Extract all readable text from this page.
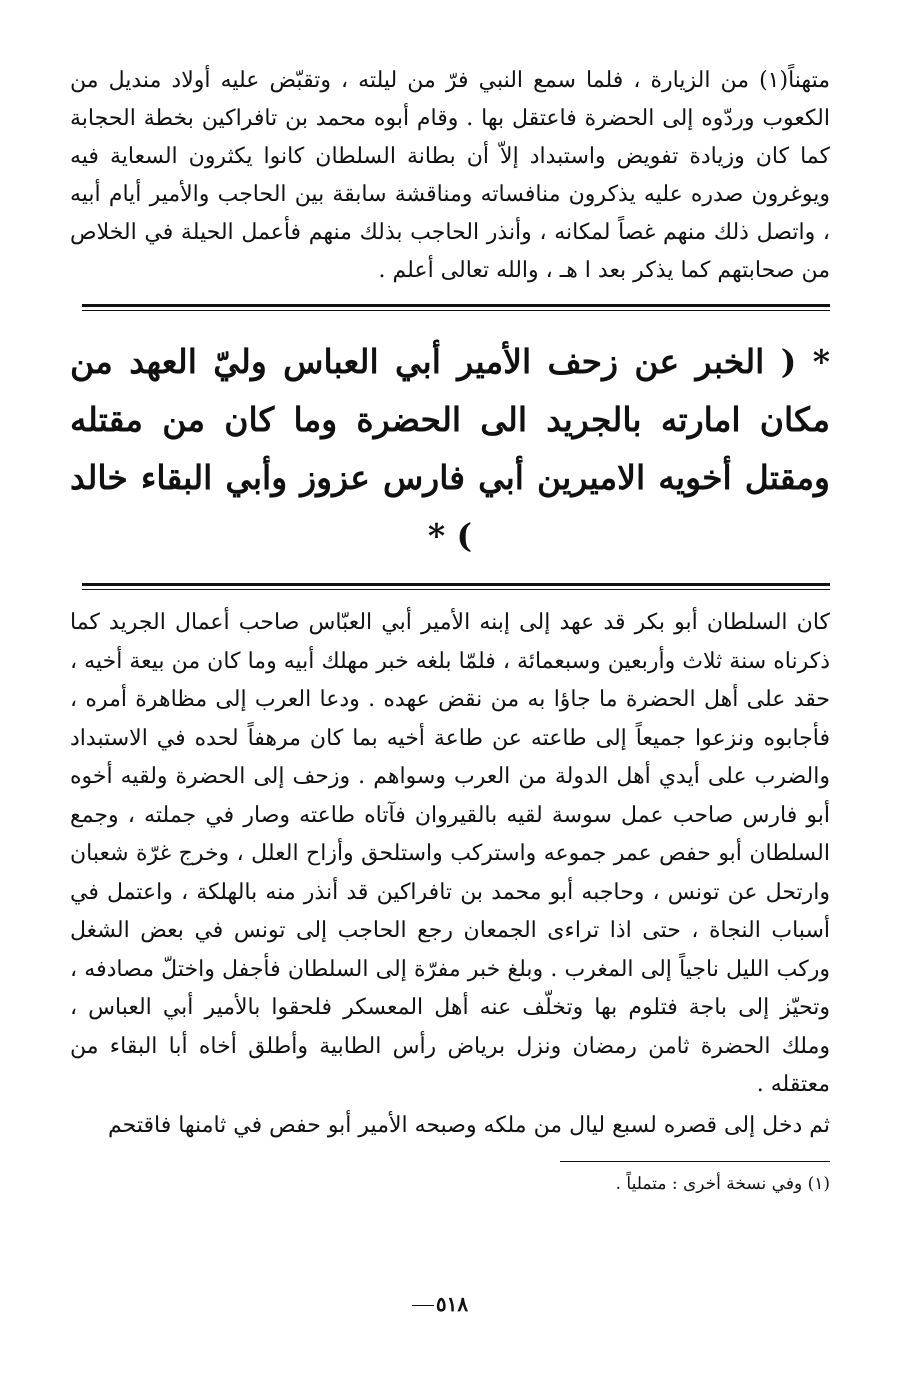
متهناً(١) من الزيارة ، فلما سمع النبي فرّ من ليلته ، وتقبّض عليه أولاد منديل من الكعوب وردّوه إلى الحضرة فاعتقل بها . وقام أبوه محمد بن تافراكين بخطة الحجابة كما كان وزيادة تفويض واستبداد إلاّ أن بطانة السلطان كانوا يكثرون السعاية فيه ويوغرون صدره عليه يذكرون منافساته ومناقشة سابقة بين الحاجب والأمير أيام أبيه ، واتصل ذلك منهم غصاً لمكانه ، وأنذر الحاجب بذلك منهم فأعمل الحيلة في الخلاص من صحابتهم كما يذكر بعد ا هـ ، والله تعالى أعلم .

* ( الخبر عن زحف الأمير أبي العباس وليّ العهد من مكان امارته بالجريد الى الحضرة وما كان من مقتله ومقتل أخويه الاميرين أبي فارس عزوز وأبي البقاء خالد ) *

كان السلطان أبو بكر قد عهد إلى إبنه الأمير أبي العبّاس صاحب أعمال الجريد كما ذكرناه سنة ثلاث وأربعين وسبعمائة ، فلمّا بلغه خبر مهلك أبيه وما كان من بيعة أخيه ، حقد على أهل الحضرة ما جاؤا به من نقض عهده . ودعا العرب إلى مظاهرة أمره ، فأجابوه ونزعوا جميعاً إلى طاعته عن طاعة أخيه بما كان مرهفاً لحده في الاستبداد والضرب على أيدي أهل الدولة من العرب وسواهم . وزحف إلى الحضرة ولقيه أخوه أبو فارس صاحب عمل سوسة لقيه بالقيروان فآتاه طاعته وصار في جملته ، وجمع السلطان أبو حفص عمر جموعه واستركب واستلحق وأزاح العلل ، وخرج غرّة شعبان وارتحل عن تونس ، وحاجبه أبو محمد بن تافراكين قد أنذر منه بالهلكة ، واعتمل في أسباب النجاة ، حتى اذا تراءى الجمعان رجع الحاجب إلى تونس في بعض الشغل وركب الليل ناجياً إلى المغرب . وبلغ خبر مفرّة إلى السلطان فأجفل واختلّ مصادفه ، وتحيّز إلى باجة فتلوم بها وتخلّف عنه أهل المعسكر فلحقوا بالأمير أبي العباس ، وملك الحضرة ثامن رمضان ونزل برياض رأس الطابية وأطلق أخاه أبا البقاء من معتقله .

ثم دخل إلى قصره لسبع ليال من ملكه وصبحه الأمير أبو حفص في ثامنها فاقتحم

(١) وفي نسخة أخرى : متملياً .

٥١٨
